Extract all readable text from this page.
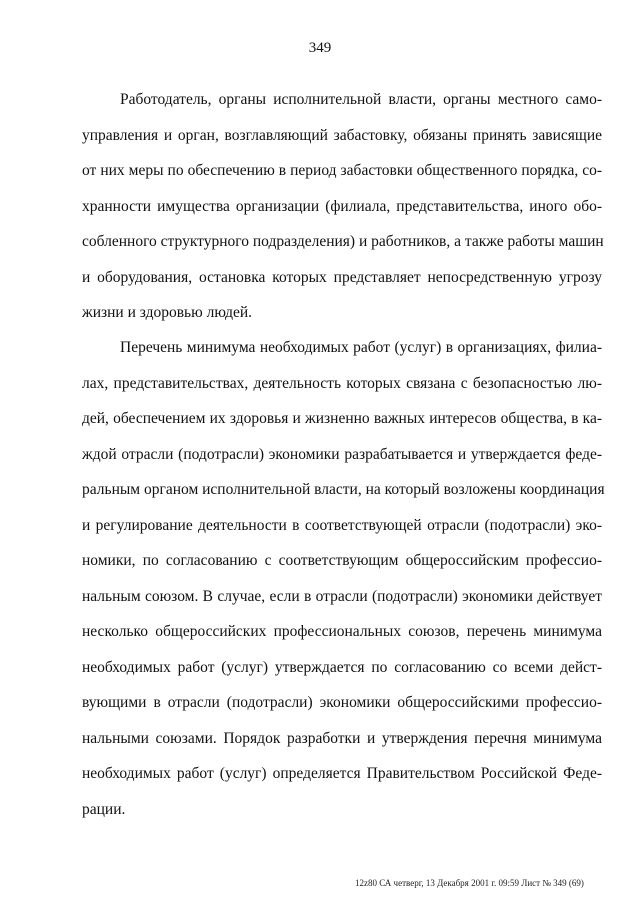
349
Работодатель, органы исполнительной власти, органы местного само-
управления и орган, возглавляющий забастовку, обязаны принять зависящие
от них меры по обеспечению в период забастовки общественного порядка, со-
хранности имущества организации (филиала, представительства, иного обо-
собленного структурного подразделения) и работников, а также работы машин
и оборудования, остановка которых представляет непосредственную угрозу
жизни и здоровью людей.
Перечень минимума необходимых работ (услуг) в организациях, филиа-
лах, представительствах, деятельность которых связана с безопасностью лю-
дей, обеспечением их здоровья и жизненно важных интересов общества, в ка-
ждой отрасли (подотрасли) экономики разрабатывается и утверждается феде-
ральным органом исполнительной власти, на который возложены координация
и регулирование деятельности в соответствующей отрасли (подотрасли) эко-
номики, по согласованию с соответствующим общероссийским профессио-
нальным союзом. В случае, если в отрасли (подотрасли) экономики действует
несколько общероссийских профессиональных союзов, перечень минимума
необходимых работ (услуг) утверждается по согласованию со всеми дейст-
вующими в отрасли (подотрасли) экономики общероссийскими профессио-
нальными союзами. Порядок разработки и утверждения перечня минимума
необходимых работ (услуг) определяется Правительством Российской Феде-
рации.
12z80 СА четверг, 13 Декабря 2001 г. 09:59 Лист № 349 (69)
